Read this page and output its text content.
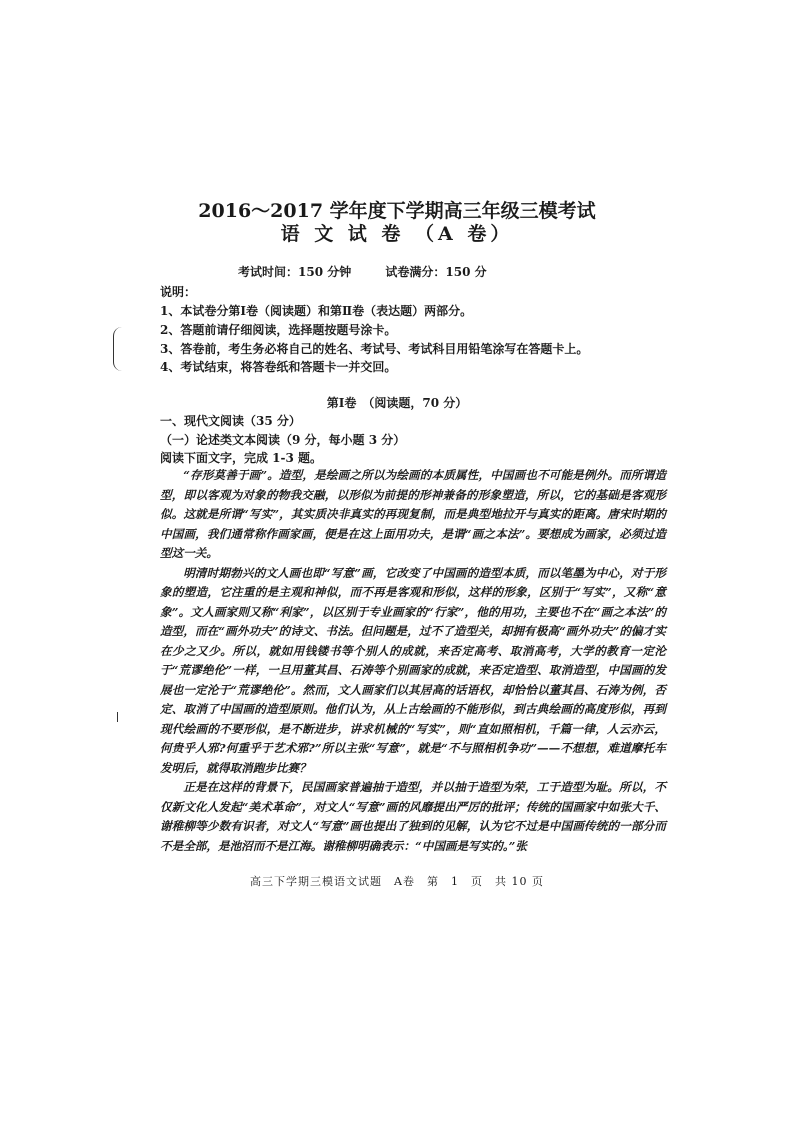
2016～2017 学年度下学期高三年级三模考试
语 文 试 卷 （A 卷）
考试时间：150 分钟	试卷满分：150 分
说明：
1、本试卷分第Ⅰ卷（阅读题）和第Ⅱ卷（表达题）两部分。
2、答题前请仔细阅读，选择题按题号涂卡。
3、答卷前，考生务必将自己的姓名、考试号、考试科目用铅笔涂写在答题卡上。
4、考试结束，将答卷纸和答题卡一并交回。
第Ⅰ卷　（阅读题，70 分）
一、现代文阅读（35 分）
（一）论述类文本阅读（9 分，每小题 3 分）
阅读下面文字，完成 1-3 题。

“存形莫善于画”。造型，是绘画之所以为绘画的本质属性，中国画也不可能是例外。而所谓造型，即以客观为对象的物我交融，以形似为前提的形神兼备的形象塑造，所以，它的基础是客观形似。这就是所谓“写实”，其实质决非真实的再现复制，而是典型地拉开与真实的距离。唐宋时期的中国画，我们通常称作画家画，便是在这上面用功夫，是谓“画之本法”。要想成为画家，必须过造型这一关。

明清时期勃兴的文人画也即“写意”画，它改变了中国画的造型本质，而以笔墨为中心，对于形象的塑造，它注重的是主观和神似，而不再是客观和形似，这样的形象，区别于“写实”，又称“意象”。文人画家则又称“利家”，以区别于专业画家的“行家”，他的用功，主要也不在“画之本法”的造型，而在“画外功夫”的诗文、书法。但问题是，过不了造型关，却拥有极高“画外功夫”的偏才实在少之又少。所以，就如用钱镂书等个别人的成就，来否定高考、取消高考，大学的教育一定沦于“荒谬绝伦”一样，一旦用董其昌、石涛等个别画家的成就，来否定造型、取消造型，中国画的发展也一定沦于“荒谬绝伦”。然而，文人画家们以其居高的话语权，却恰恰以董其昌、石涛为例，否定、取消了中国画的造型原则。他们认为，从上古绘画的不能形似，到古典绘画的高度形似，再到现代绘画的不要形似，是不断进步，讲求机械的“写实”，则“直如照相机，千篇一律，人云亦云，何贵乎人邪?何重乎于艺术邪?”所以主张“写意”，就是“不与照相机争功”——不想想，难道摩托车发明后，就得取消跑步比赛？

正是在这样的背景下，民国画家普遍抽于造型，并以抽于造型为荣，工于造型为耻。所以，不仅新文化人发起“美术革命”，对文人“写意”画的风靡提出严厉的批评；传统的国画家中如张大千、谢稚柳等少数有识者，对文人“写意”画也提出了独到的见解，认为它不过是中国画传统的一部分而不是全部，是池沼而不是江海。谢稚柳明确表示：“中国画是写实的。”张

高三下学期三模语文试题　A卷　第　1　页　共 10 页
